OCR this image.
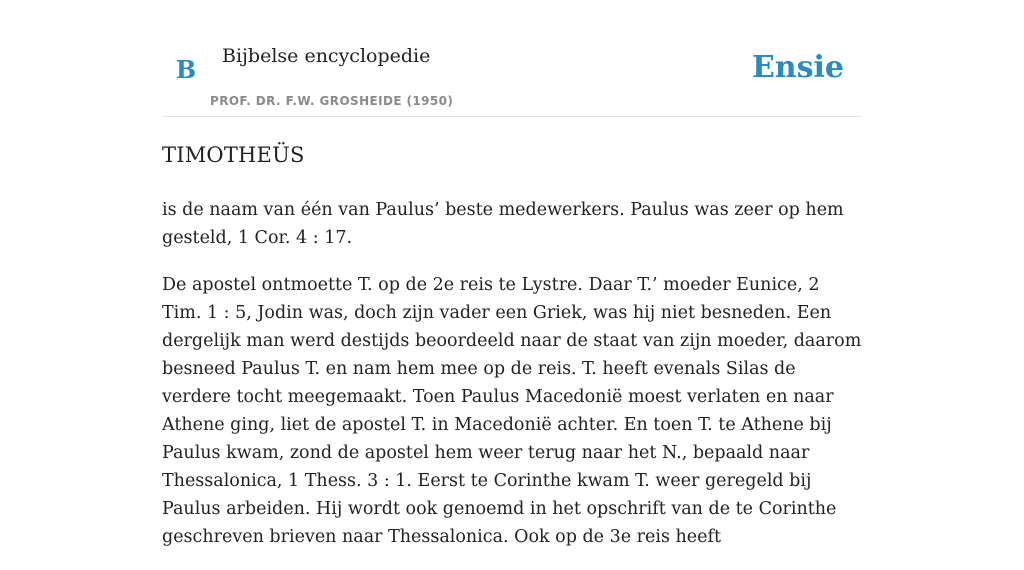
B Bijbelse encyclopedie
PROF. DR. F.W. GROSHEIDE (1950)
Ensie
TIMOTHEÜS

is de naam van één van Paulus’ beste medewerkers. Paulus was zeer op hem gesteld, 1 Cor. 4 : 17.

De apostel ontmoette T. op de 2e reis te Lystre. Daar T.’ moeder Eunice, 2 Tim. 1 : 5, Jodin was, doch zijn vader een Griek, was hij niet besneden. Een dergelijk man werd destijds beoordeeld naar de staat van zijn moeder, daarom besneed Paulus T. en nam hem mee op de reis. T. heeft evenals Silas de verdere tocht meegemaakt. Toen Paulus Macedonië moest verlaten en naar Athene ging, liet de apostel T. in Macedonië achter. En toen T. te Athene bij Paulus kwam, zond de apostel hem weer terug naar het N., bepaald naar Thessalonica, 1 Thess. 3 : 1. Eerst te Corinthe kwam T. weer geregeld bij Paulus arbeiden. Hij wordt ook genoemd in het opschrift van de te Corinthe geschreven brieven naar Thessalonica. Ook op de 3e reis heeft
